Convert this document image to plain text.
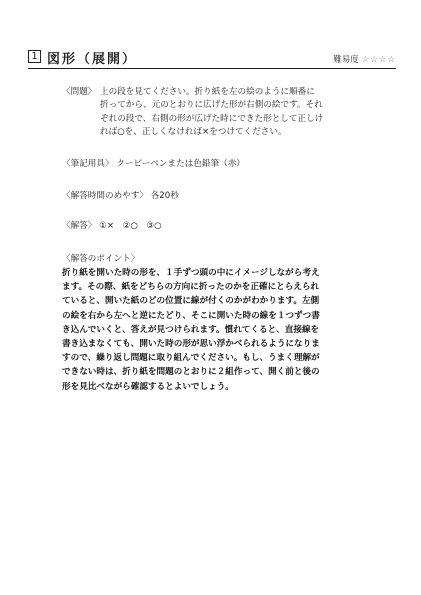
1 図形（展開）	難易度 ☆☆☆☆
〈問題〉 上の段を見てください。折り紙を左の絵のように順番に
折ってから、元のとおりに広げた形が右側の絵です。それ
ぞれの段で、右側の形が広げた時にできた形として正しけ
れば○を、正しくなければ×をつけてください。
〈筆記用具〉 クーピーペンまたは色鉛筆（赤）
〈解答時間のめやす〉 各20秒
〈解答〉 ①×　②○　③○
〈解答のポイント〉
折り紙を開いた時の形を、１手ずつ頭の中にイメージしながら考え
ます。その際、紙をどちらの方向に折ったのかを正確にとらえられ
ていると、開いた紙のどの位置に線が付くのかがわかります。左側
の絵を右から左へと逆にたどり、そこに開いた時の線を１つずつ書
き込んでいくと、答えが見つけられます。慣れてくると、直接線を
書き込まなくても、開いた時の形が思い浮かべられるようになりま
すので、繰り返し問題に取り組んでください。もし、うまく理解が
できない時は、折り紙を問題のとおりに２組作って、開く前と後の
形を見比べながら確認するとよいでしょう。
